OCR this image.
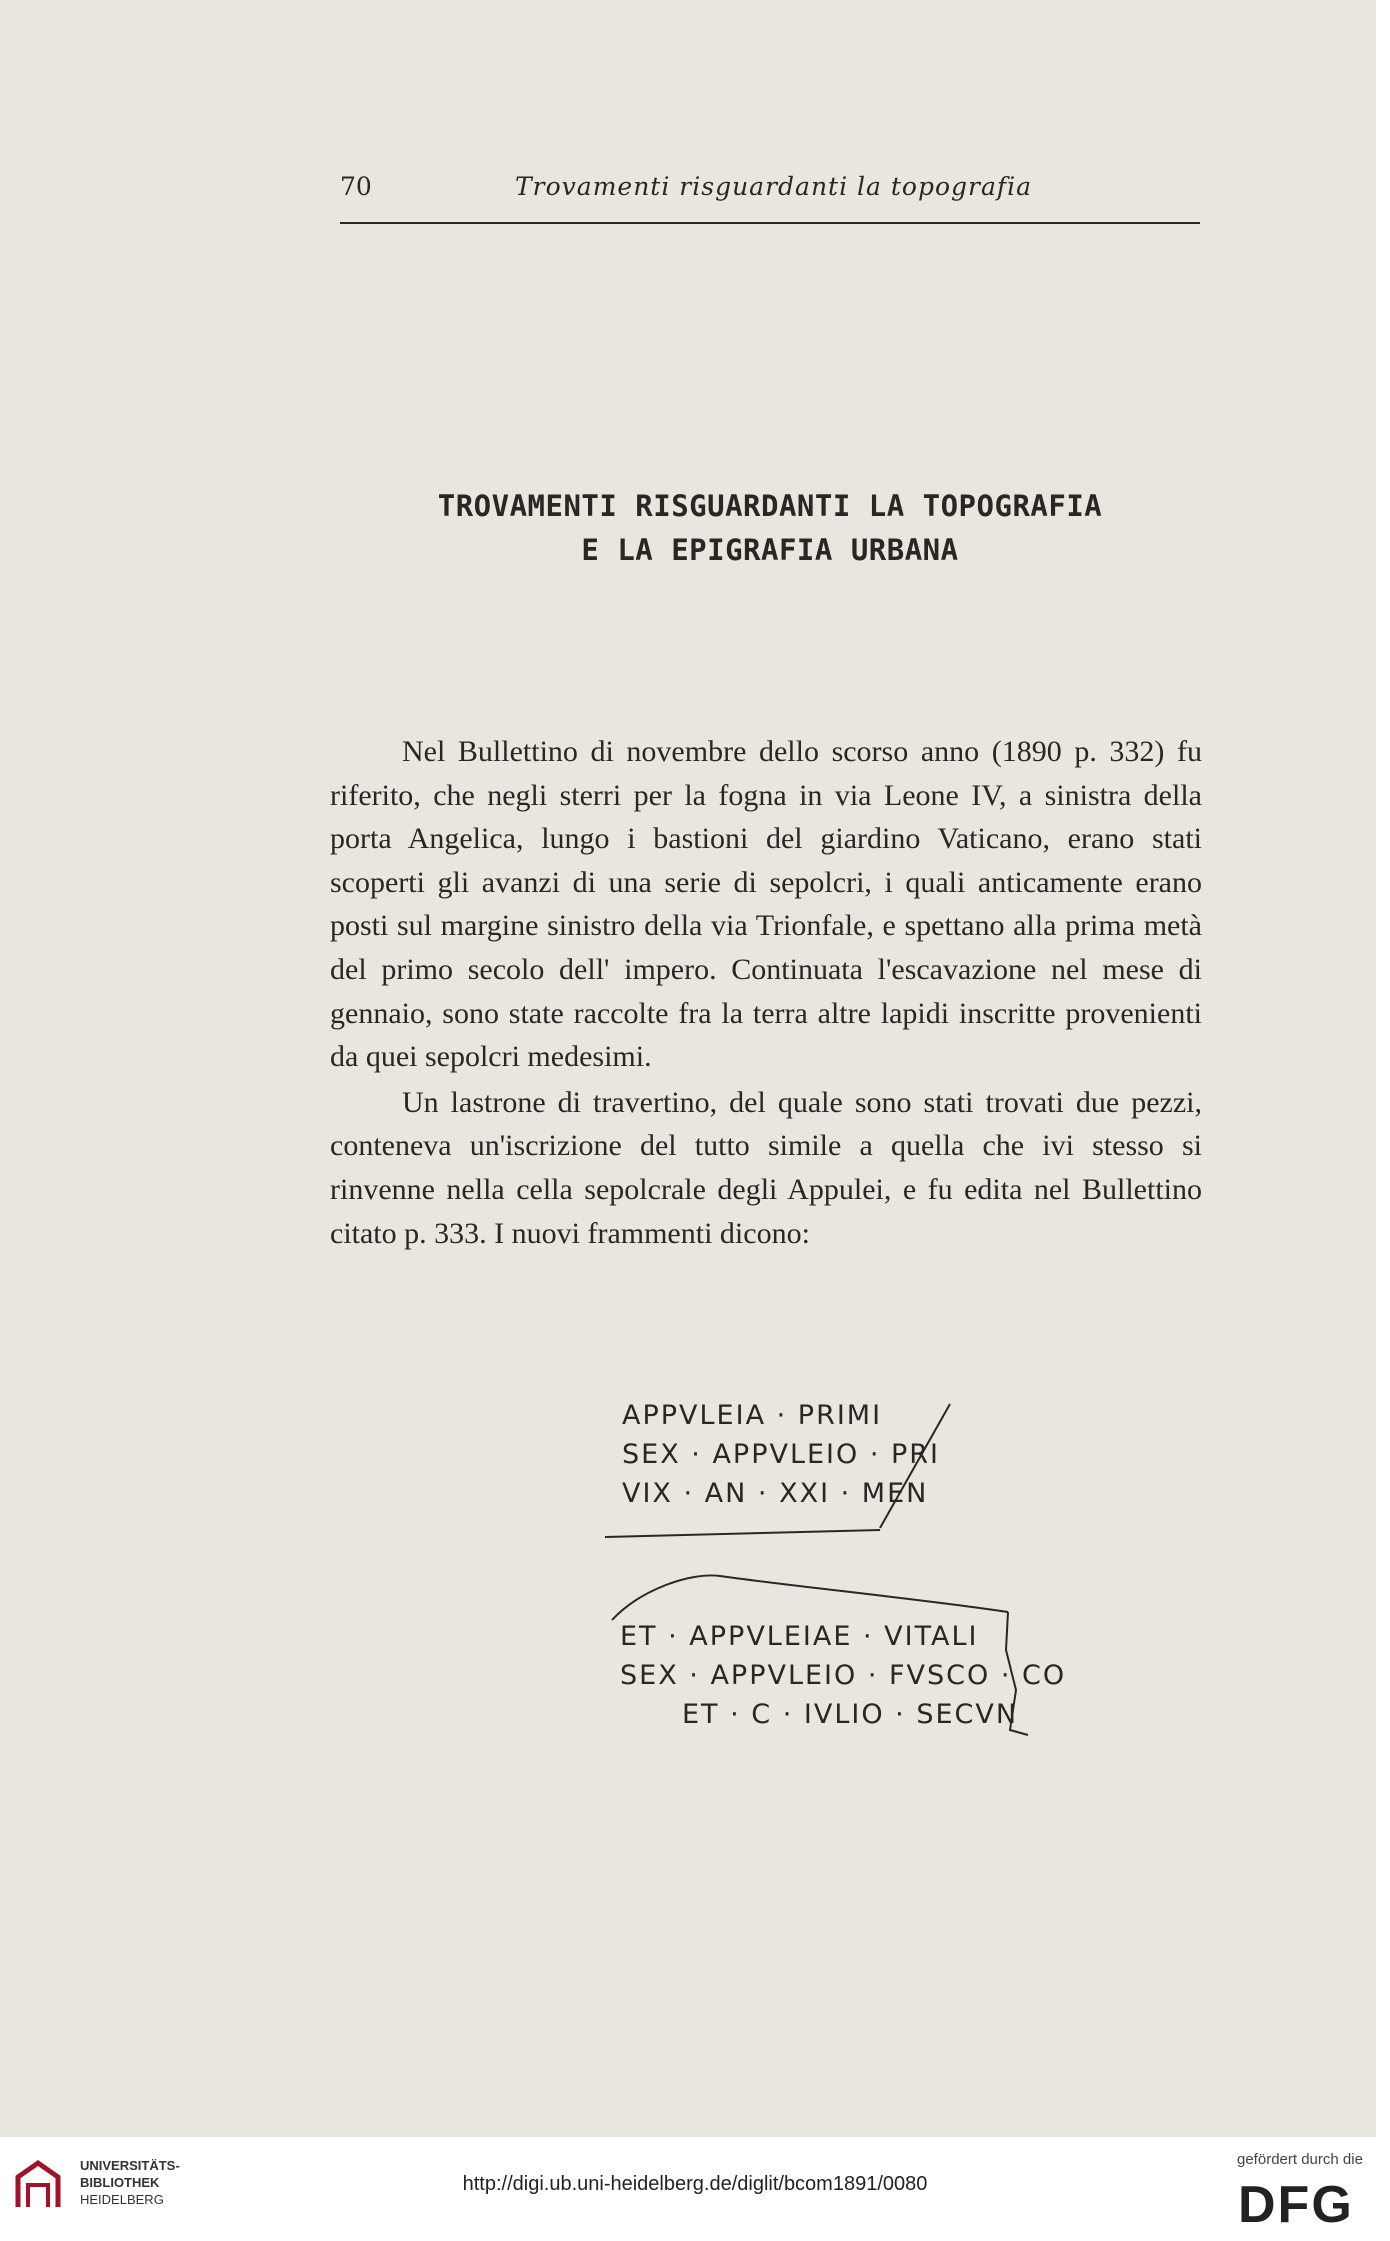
70	Trovamenti risguardanti la topografia
TROVAMENTI RISGUARDANTI LA TOPOGRAFIA
E LA EPIGRAFIA URBANA

Nel Bullettino di novembre dello scorso anno (1890 p. 332) fu riferito, che negli sterri per la fogna in via Leone IV, a sinistra della porta Angelica, lungo i bastioni del giardino Vaticano, erano stati scoperti gli avanzi di una serie di sepolcri, i quali anticamente erano posti sul margine sinistro della via Trionfale, e spettano alla prima metà del primo secolo dell' impero. Continuata l'escavazione nel mese di gennaio, sono state raccolte fra la terra altre lapidi inscritte provenienti da quei sepolcri medesimi.

Un lastrone di travertino, del quale sono stati trovati due pezzi, conteneva un'iscrizione del tutto simile a quella che ivi stesso si rinvenne nella cella sepolcrale degli Appulei, e fu edita nel Bullettino citato p. 333. I nuovi frammenti dicono:

APPVLEIA · PRIMI
SEX · APPVLEIO · PRI
VIX · AN · XXI · MEN
ET · APPVLEIAE · VITALI
SEX · APPVLEIO · FVSCO · CO
ET · C · IVLIO · SECVN
UNIVERSITÄTS-
BIBLIOTHEK
HEIDELBERG
http://digi.ub.uni-heidelberg.de/diglit/bcom1891/0080
gefördert durch die
DFG
